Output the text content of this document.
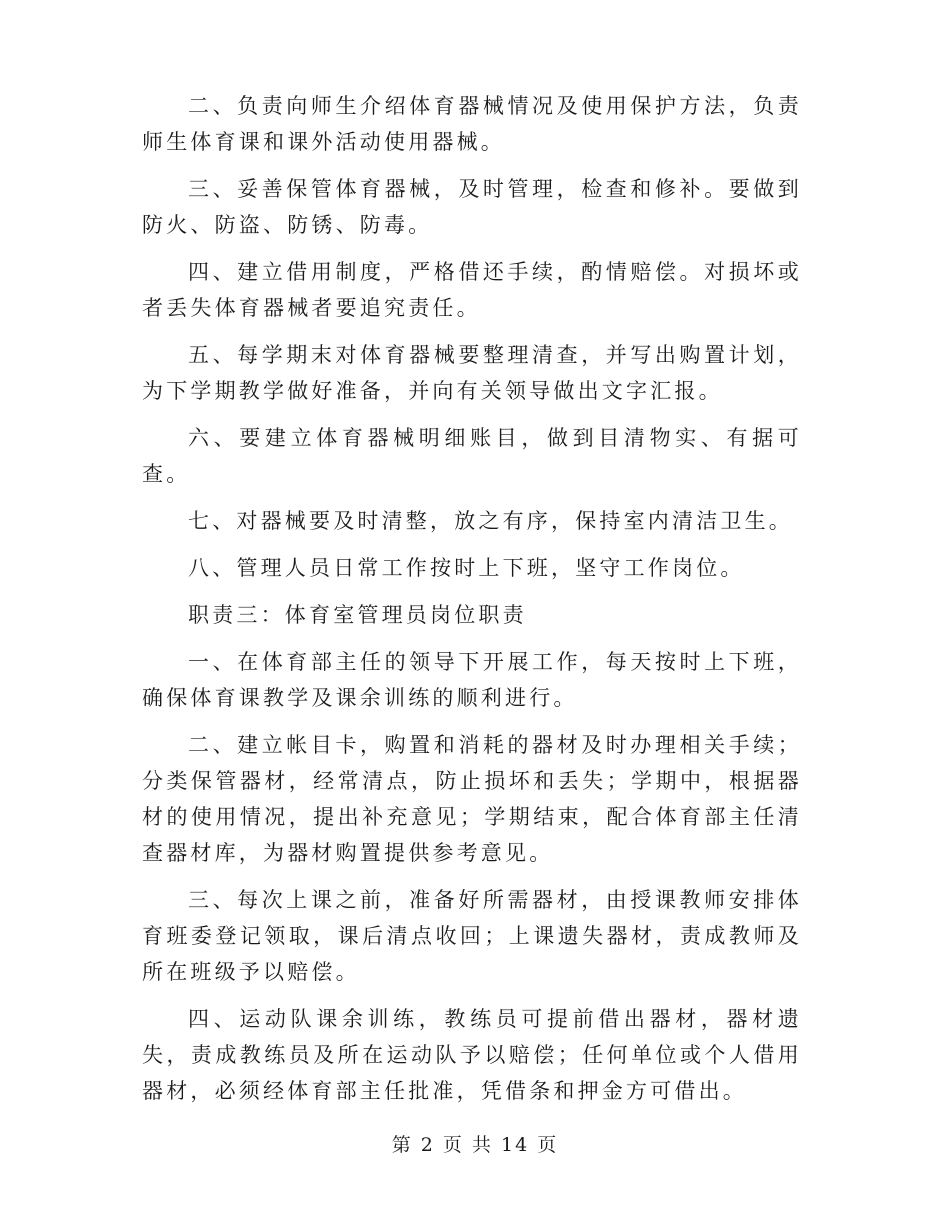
二、负责向师生介绍体育器械情况及使用保护方法，负责师生体育课和课外活动使用器械。

三、妥善保管体育器械，及时管理，检查和修补。要做到防火、防盗、防锈、防毒。

四、建立借用制度，严格借还手续，酌情赔偿。对损坏或者丢失体育器械者要追究责任。

五、每学期末对体育器械要整理清查，并写出购置计划，为下学期教学做好准备，并向有关领导做出文字汇报。

六、要建立体育器械明细账目，做到目清物实、有据可查。

七、对器械要及时清整，放之有序，保持室内清洁卫生。

八、管理人员日常工作按时上下班，坚守工作岗位。

职责三：体育室管理员岗位职责

一、在体育部主任的领导下开展工作，每天按时上下班，确保体育课教学及课余训练的顺利进行。

二、建立帐目卡，购置和消耗的器材及时办理相关手续；分类保管器材，经常清点，防止损坏和丢失；学期中，根据器材的使用情况，提出补充意见；学期结束，配合体育部主任清查器材库，为器材购置提供参考意见。

三、每次上课之前，准备好所需器材，由授课教师安排体育班委登记领取，课后清点收回；上课遗失器材，责成教师及所在班级予以赔偿。

四、运动队课余训练，教练员可提前借出器材，器材遗失，责成教练员及所在运动队予以赔偿；任何单位或个人借用器材，必须经体育部主任批准，凭借条和押金方可借出。

第 2 页 共 14 页
